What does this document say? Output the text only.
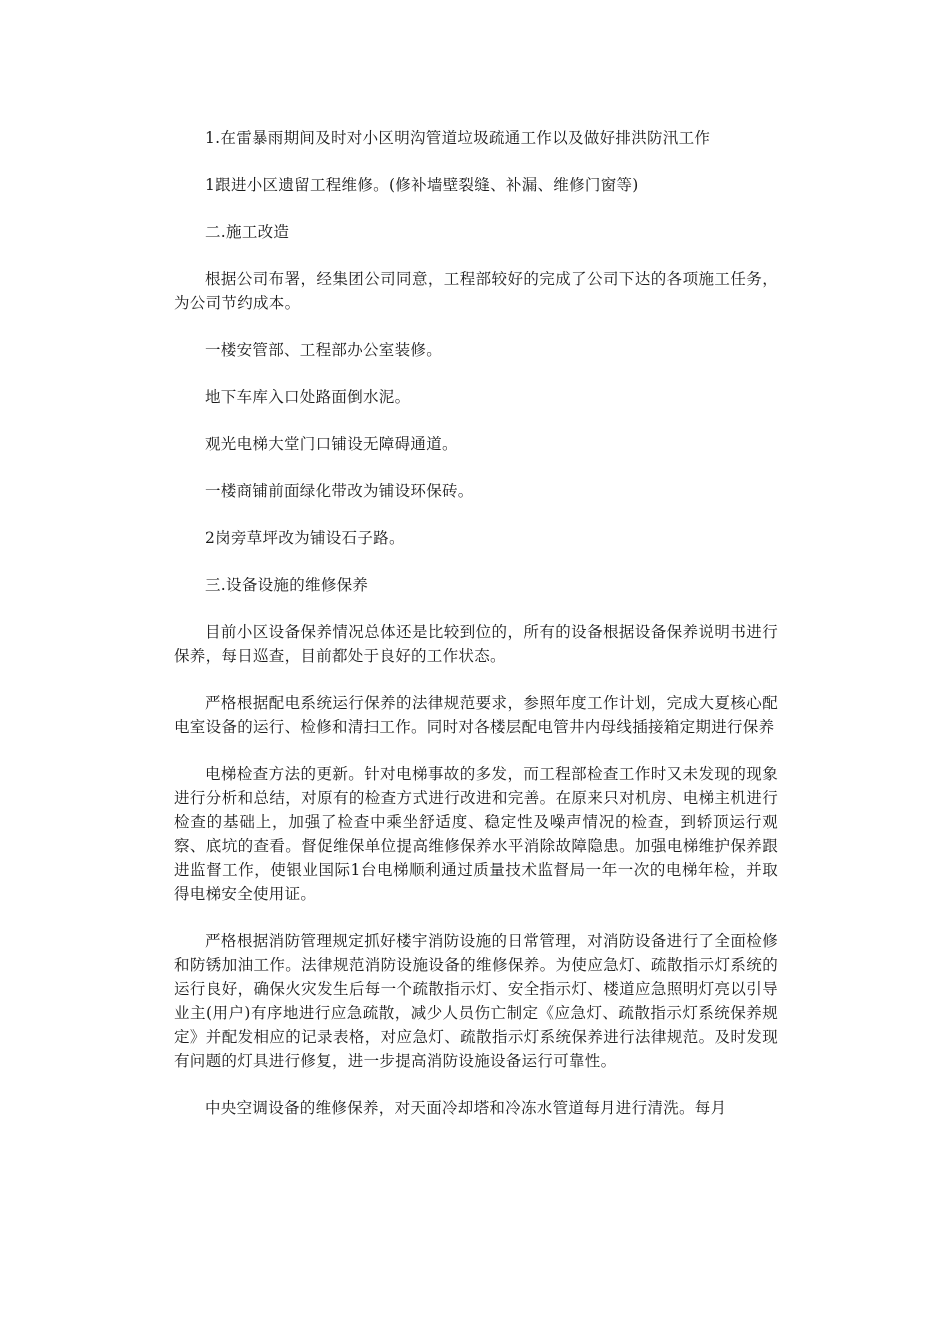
1.在雷暴雨期间及时对小区明沟管道垃圾疏通工作以及做好排洪防汛工作

1跟进小区遗留工程维修。(修补墙壁裂缝、补漏、维修门窗等)

二.施工改造

根据公司布署，经集团公司同意，工程部较好的完成了公司下达的各项施工任务，为公司节约成本。

一楼安管部、工程部办公室装修。

地下车库入口处路面倒水泥。

观光电梯大堂门口铺设无障碍通道。

一楼商铺前面绿化带改为铺设环保砖。

2岗旁草坪改为铺设石子路。

三.设备设施的维修保养

目前小区设备保养情况总体还是比较到位的，所有的设备根据设备保养说明书进行保养，每日巡查，目前都处于良好的工作状态。

严格根据配电系统运行保养的法律规范要求，参照年度工作计划，完成大夏核心配电室设备的运行、检修和清扫工作。同时对各楼层配电管井内母线插接箱定期进行保养

电梯检查方法的更新。针对电梯事故的多发，而工程部检查工作时又未发现的现象进行分析和总结，对原有的检查方式进行改进和完善。在原来只对机房、电梯主机进行检查的基础上，加强了检查中乘坐舒适度、稳定性及噪声情况的检查，到轿顶运行观察、底坑的查看。督促维保单位提高维修保养水平消除故障隐患。加强电梯维护保养跟进监督工作，使银业国际1台电梯顺利通过质量技术监督局一年一次的电梯年检，并取得电梯安全使用证。

严格根据消防管理规定抓好楼宇消防设施的日常管理，对消防设备进行了全面检修和防锈加油工作。法律规范消防设施设备的维修保养。为使应急灯、疏散指示灯系统的运行良好，确保火灾发生后每一个疏散指示灯、安全指示灯、楼道应急照明灯亮以引导业主(用户)有序地进行应急疏散，减少人员伤亡制定《应急灯、疏散指示灯系统保养规定》并配发相应的记录表格，对应急灯、疏散指示灯系统保养进行法律规范。及时发现有问题的灯具进行修复，进一步提高消防设施设备运行可靠性。

中央空调设备的维修保养，对天面冷却塔和冷冻水管道每月进行清洗。每月
